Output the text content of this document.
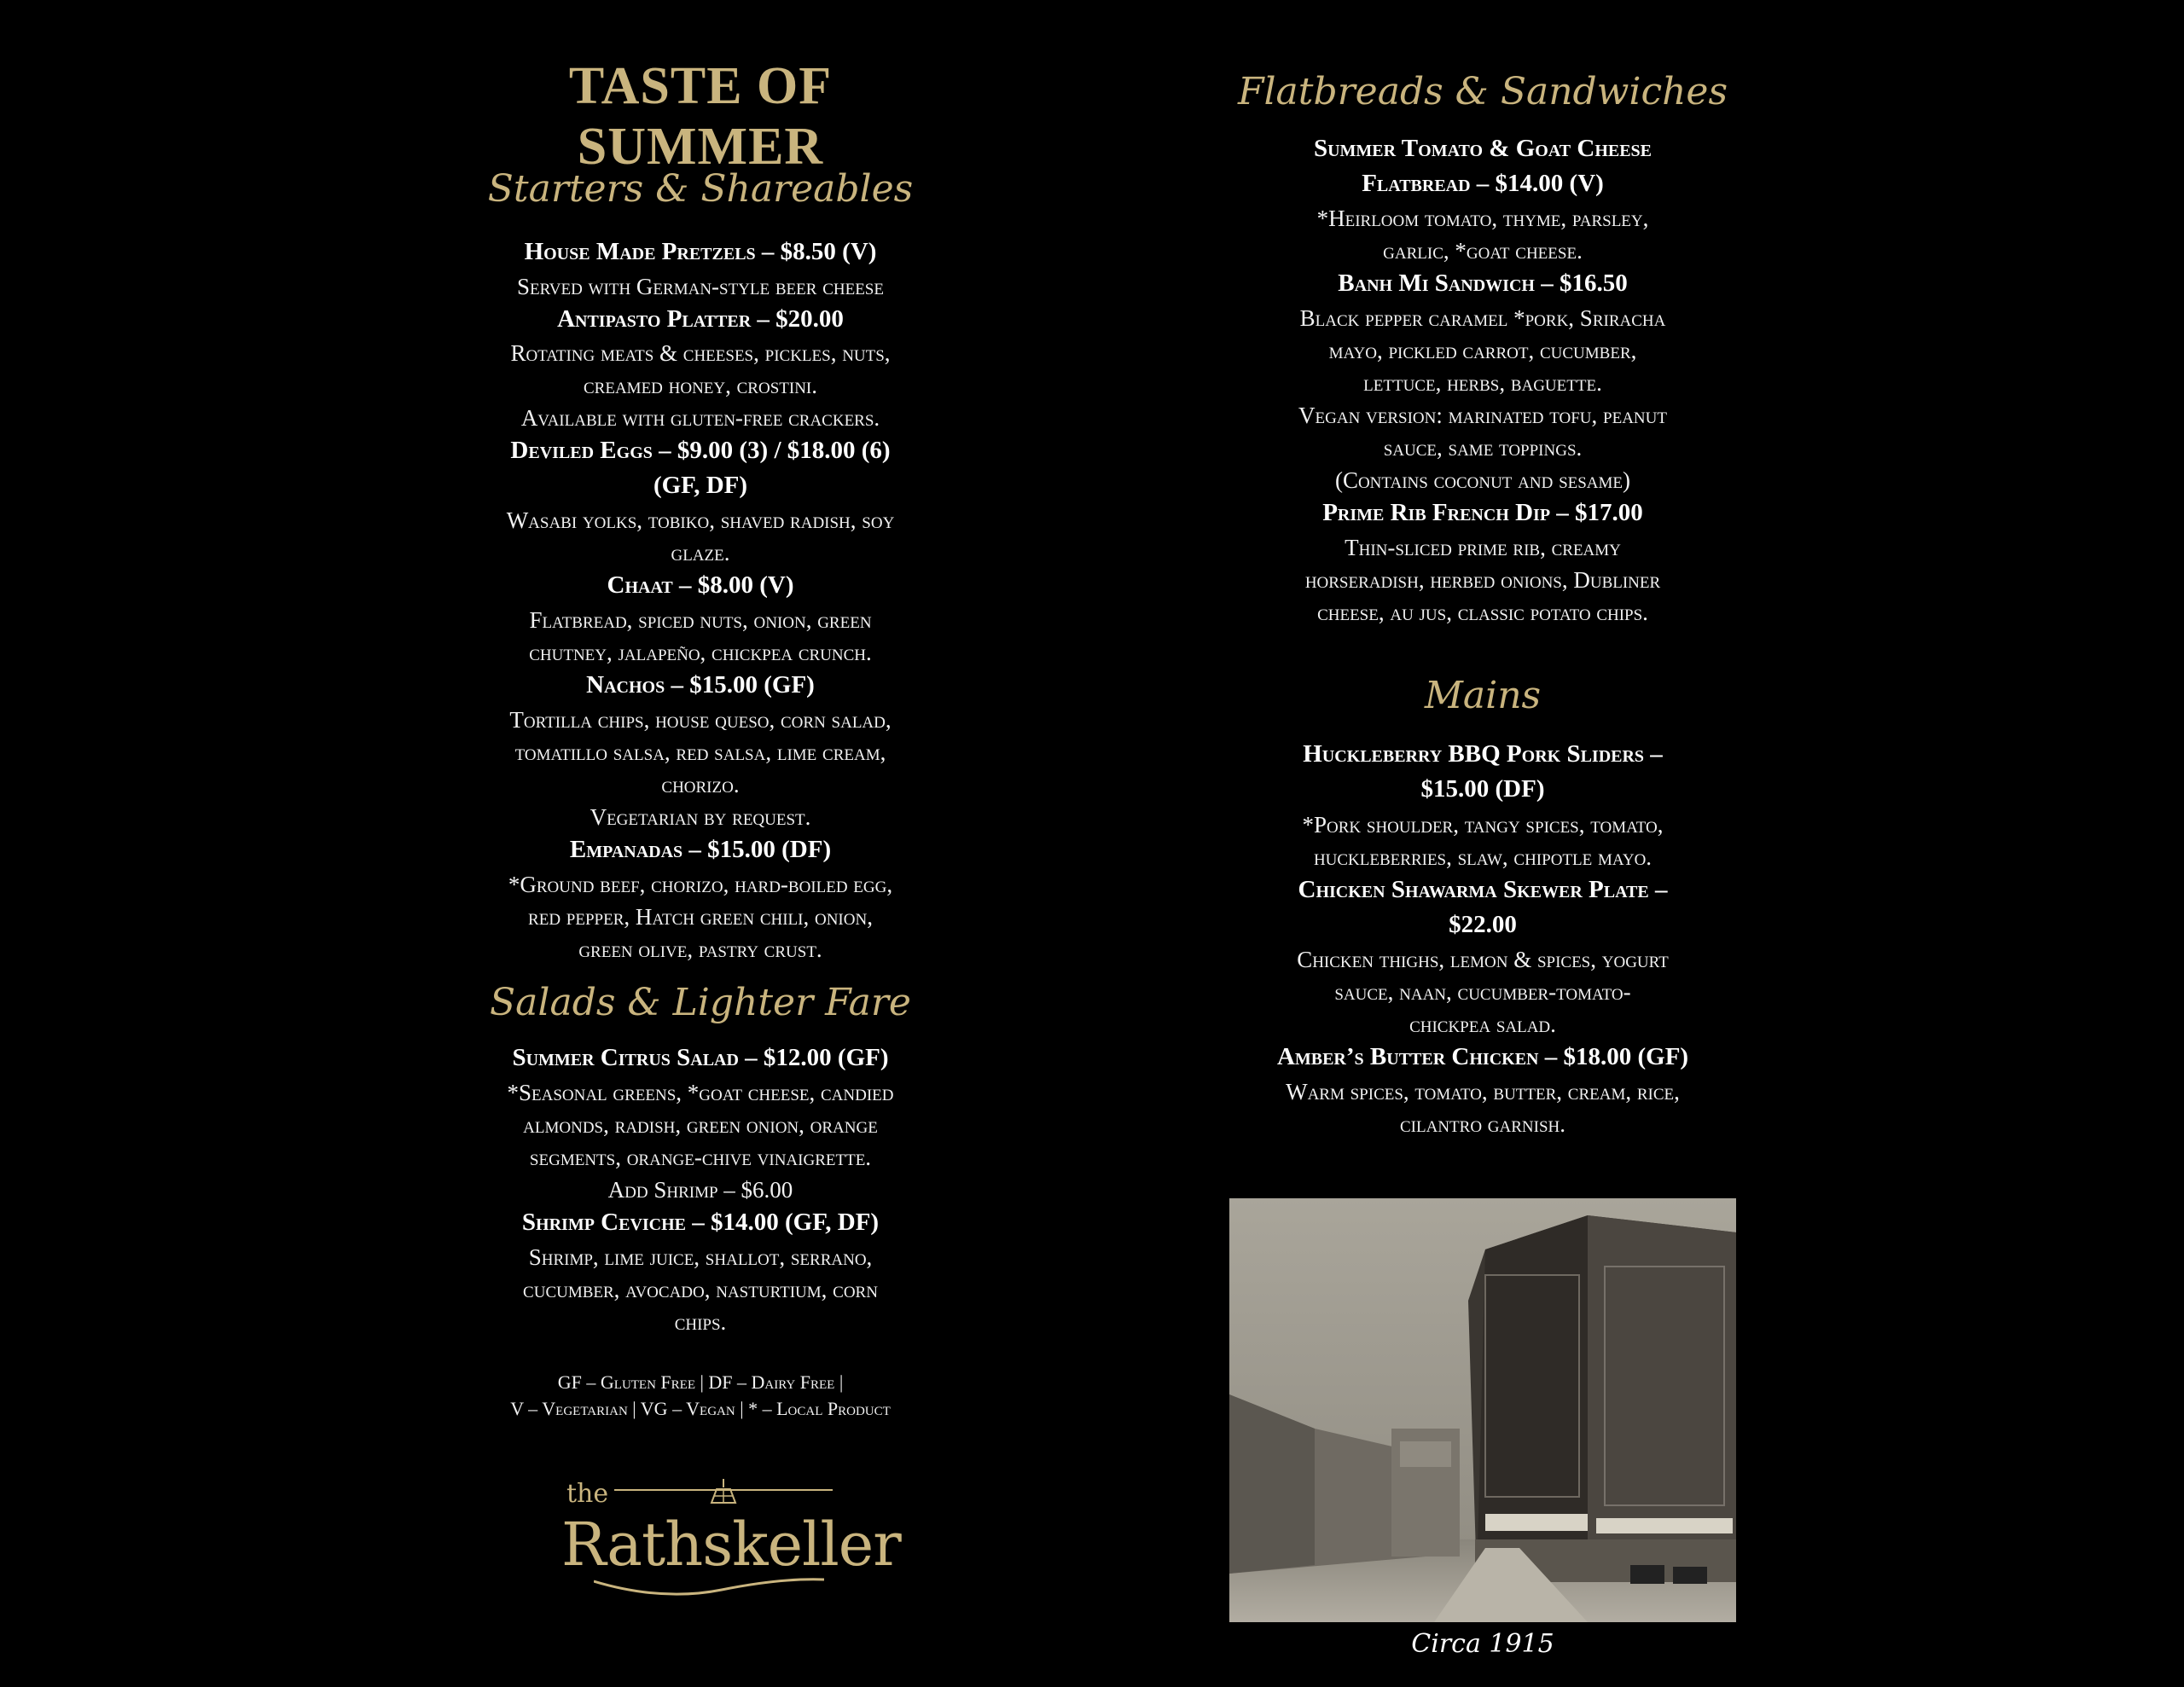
TASTE OF SUMMER
Starters & Shareables
House Made Pretzels – $8.50 (V)
Served with German-style beer cheese
Antipasto Platter – $20.00
Rotating meats & cheeses, pickles, nuts,
creamed honey, crostini.
Available with gluten-free crackers.
Deviled Eggs – $9.00 (3) / $18.00 (6)
(GF, DF)
Wasabi yolks, tobiko, shaved radish, soy
glaze.
Chaat – $8.00 (V)
Flatbread, spiced nuts, onion, green
chutney, jalapeño, chickpea crunch.
Nachos – $15.00 (GF)
Tortilla chips, house queso, corn salad,
tomatillo salsa, red salsa, lime cream,
chorizo.
Vegetarian by request.
Empanadas – $15.00 (DF)
*Ground beef, chorizo, hard-boiled egg,
red pepper, Hatch green chili, onion,
green olive, pastry crust.
Salads & Lighter Fare
Summer Citrus Salad – $12.00 (GF)
*Seasonal greens, *goat cheese, candied
almonds, radish, green onion, orange
segments, orange-chive vinaigrette.
Add Shrimp – $6.00
Shrimp Ceviche – $14.00 (GF, DF)
Shrimp, lime juice, shallot, serrano,
cucumber, avocado, nasturtium, corn
chips.
GF – Gluten Free | DF – Dairy Free |
V – Vegetarian | VG – Vegan | * – Local Product
the
Rathskeller
Flatbreads & Sandwiches
Summer Tomato & Goat Cheese
Flatbread – $14.00 (V)
*Heirloom tomato, thyme, parsley,
garlic, *goat cheese.
Banh Mi Sandwich – $16.50
Black pepper caramel *pork, Sriracha
mayo, pickled carrot, cucumber,
lettuce, herbs, baguette.
Vegan version: marinated tofu, peanut
sauce, same toppings.
(Contains coconut and sesame)
Prime Rib French Dip – $17.00
Thin-sliced prime rib, creamy
horseradish, herbed onions, Dubliner
cheese, au jus, classic potato chips.
Mains
Huckleberry BBQ Pork Sliders –
$15.00 (DF)
*Pork shoulder, tangy spices, tomato,
huckleberries, slaw, chipotle mayo.
Chicken Shawarma Skewer Plate –
$22.00
Chicken thighs, lemon & spices, yogurt
sauce, naan, cucumber-tomato-
chickpea salad.
Amber’s Butter Chicken – $18.00 (GF)
Warm spices, tomato, butter, cream, rice,
cilantro garnish.
Circa 1915
